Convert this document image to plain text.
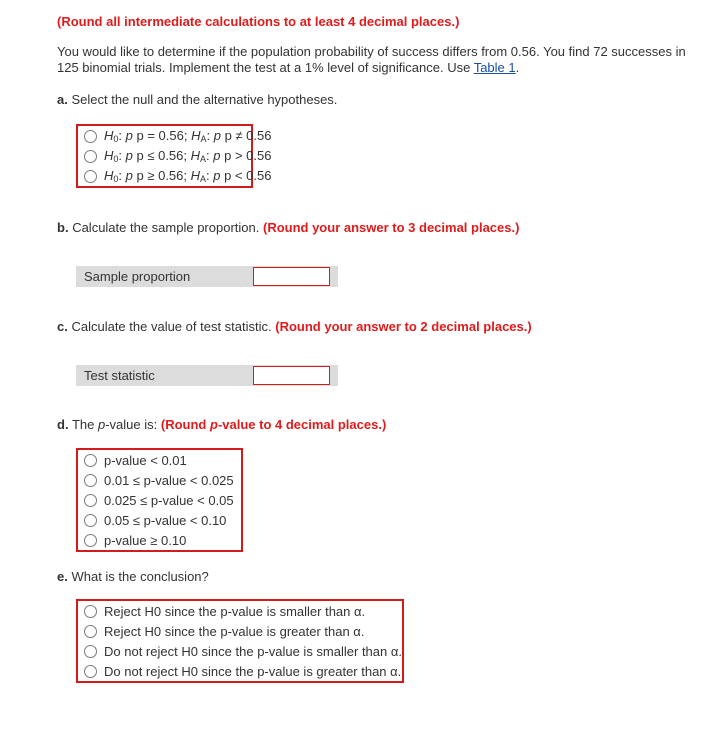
(Round all intermediate calculations to at least 4 decimal places.)
You would like to determine if the population probability of success differs from 0.56. You find 72 successes in 125 binomial trials. Implement the test at a 1% level of significance. Use Table 1.
a. Select the null and the alternative hypotheses.
$H_0$: p p = 0.56; $H_A$: p p ≠ 0.56
$H_0$: p p ≤ 0.56; $H_A$: p p > 0.56
$H_0$: p p ≥ 0.56; $H_A$: p p < 0.56
b. Calculate the sample proportion. (Round your answer to 3 decimal places.)
Sample proportion
c. Calculate the value of test statistic. (Round your answer to 2 decimal places.)
Test statistic
d. The p-value is: (Round p-value to 4 decimal places.)
p-value < 0.01
0.01 ≤ p-value < 0.025
0.025 ≤ p-value < 0.05
0.05 ≤ p-value < 0.10
p-value ≥ 0.10
e. What is the conclusion?
Reject H0 since the p-value is smaller than α.
Reject H0 since the p-value is greater than α.
Do not reject H0 since the p-value is smaller than α.
Do not reject H0 since the p-value is greater than α.
